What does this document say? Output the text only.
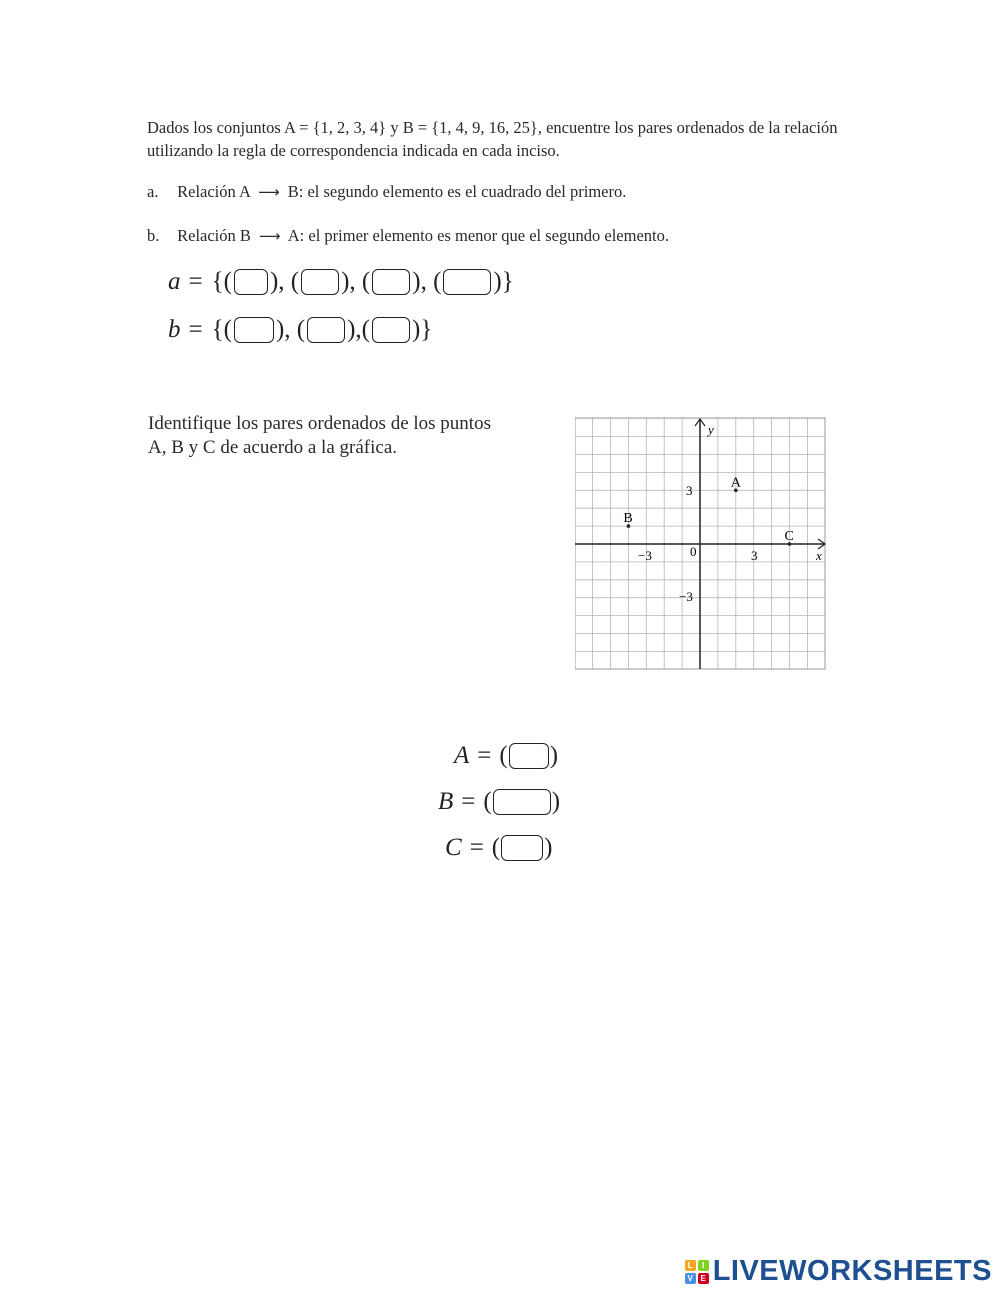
Dados los conjuntos A = {1, 2, 3, 4} y B = {1, 4, 9, 16, 25}, encuentre los pares ordenados de la relación utilizando la regla de correspondencia indicada en cada inciso.
a. Relación A ⟶ B: el segundo elemento es el cuadrado del primero.
b. Relación B ⟶ A: el primer elemento es menor que el segundo elemento.
a = {( ), ( ), ( ), ( )}
b = {( ), ( ),( )}
Identifique los pares ordenados de los puntos A, B y C de acuerdo a la gráfica.
x
y
−3	3
0
3
−3
A
B
C
A = ( )
B = ( )
C = ( )
L	I
V E LIVEWORKSHEETS
